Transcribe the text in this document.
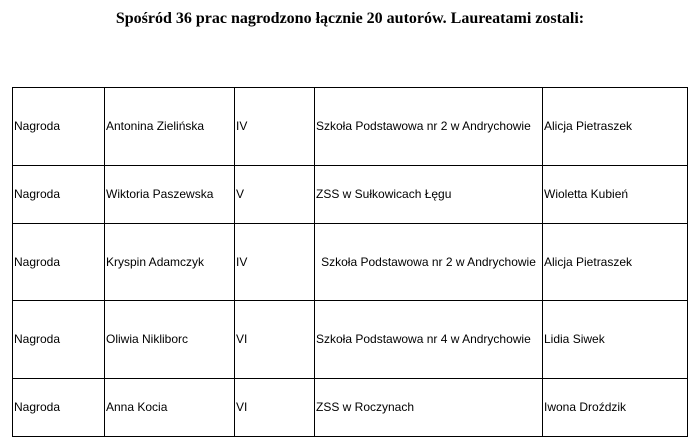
Spośród 36 prac nagrodzono łącznie 20 autorów. Laureatami zostali:
Nagroda	Antonina Zielińska	IV	Szkoła Podstawowa nr 2 w Andrychowie	Alicja Pietraszek
Nagroda	Wiktoria Paszewska	V	ZSS w Sułkowicach Łęgu	Wioletta Kubień
Nagroda	Kryspin Adamczyk	IV	Szkoła Podstawowa nr 2 w Andrychowie	Alicja Pietraszek
Nagroda	Oliwia Nikliborc	VI	Szkoła Podstawowa nr 4 w Andrychowie	Lidia Siwek
Nagroda	Anna Kocia	VI	ZSS w Roczynach	Iwona Droździk
